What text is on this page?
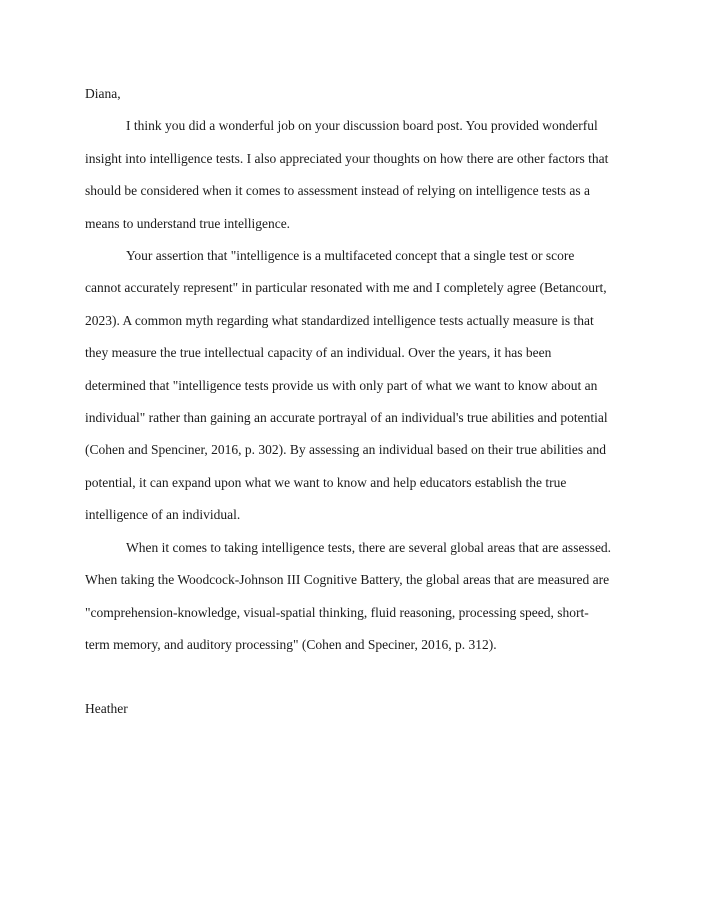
Diana,

I think you did a wonderful job on your discussion board post. You provided wonderful

insight into intelligence tests. I also appreciated your thoughts on how there are other factors that

should be considered when it comes to assessment instead of relying on intelligence tests as a

means to understand true intelligence.

Your assertion that "intelligence is a multifaceted concept that a single test or score

cannot accurately represent" in particular resonated with me and I completely agree (Betancourt,

2023). A common myth regarding what standardized intelligence tests actually measure is that

they measure the true intellectual capacity of an individual. Over the years, it has been

determined that "intelligence tests provide us with only part of what we want to know about an

individual" rather than gaining an accurate portrayal of an individual's true abilities and potential

(Cohen and Spenciner, 2016, p. 302). By assessing an individual based on their true abilities and

potential, it can expand upon what we want to know and help educators establish the true

intelligence of an individual.

When it comes to taking intelligence tests, there are several global areas that are assessed.

When taking the Woodcock-Johnson III Cognitive Battery, the global areas that are measured are

"comprehension-knowledge, visual-spatial thinking, fluid reasoning, processing speed, short-

term memory, and auditory processing" (Cohen and Speciner, 2016, p. 312).

Heather
